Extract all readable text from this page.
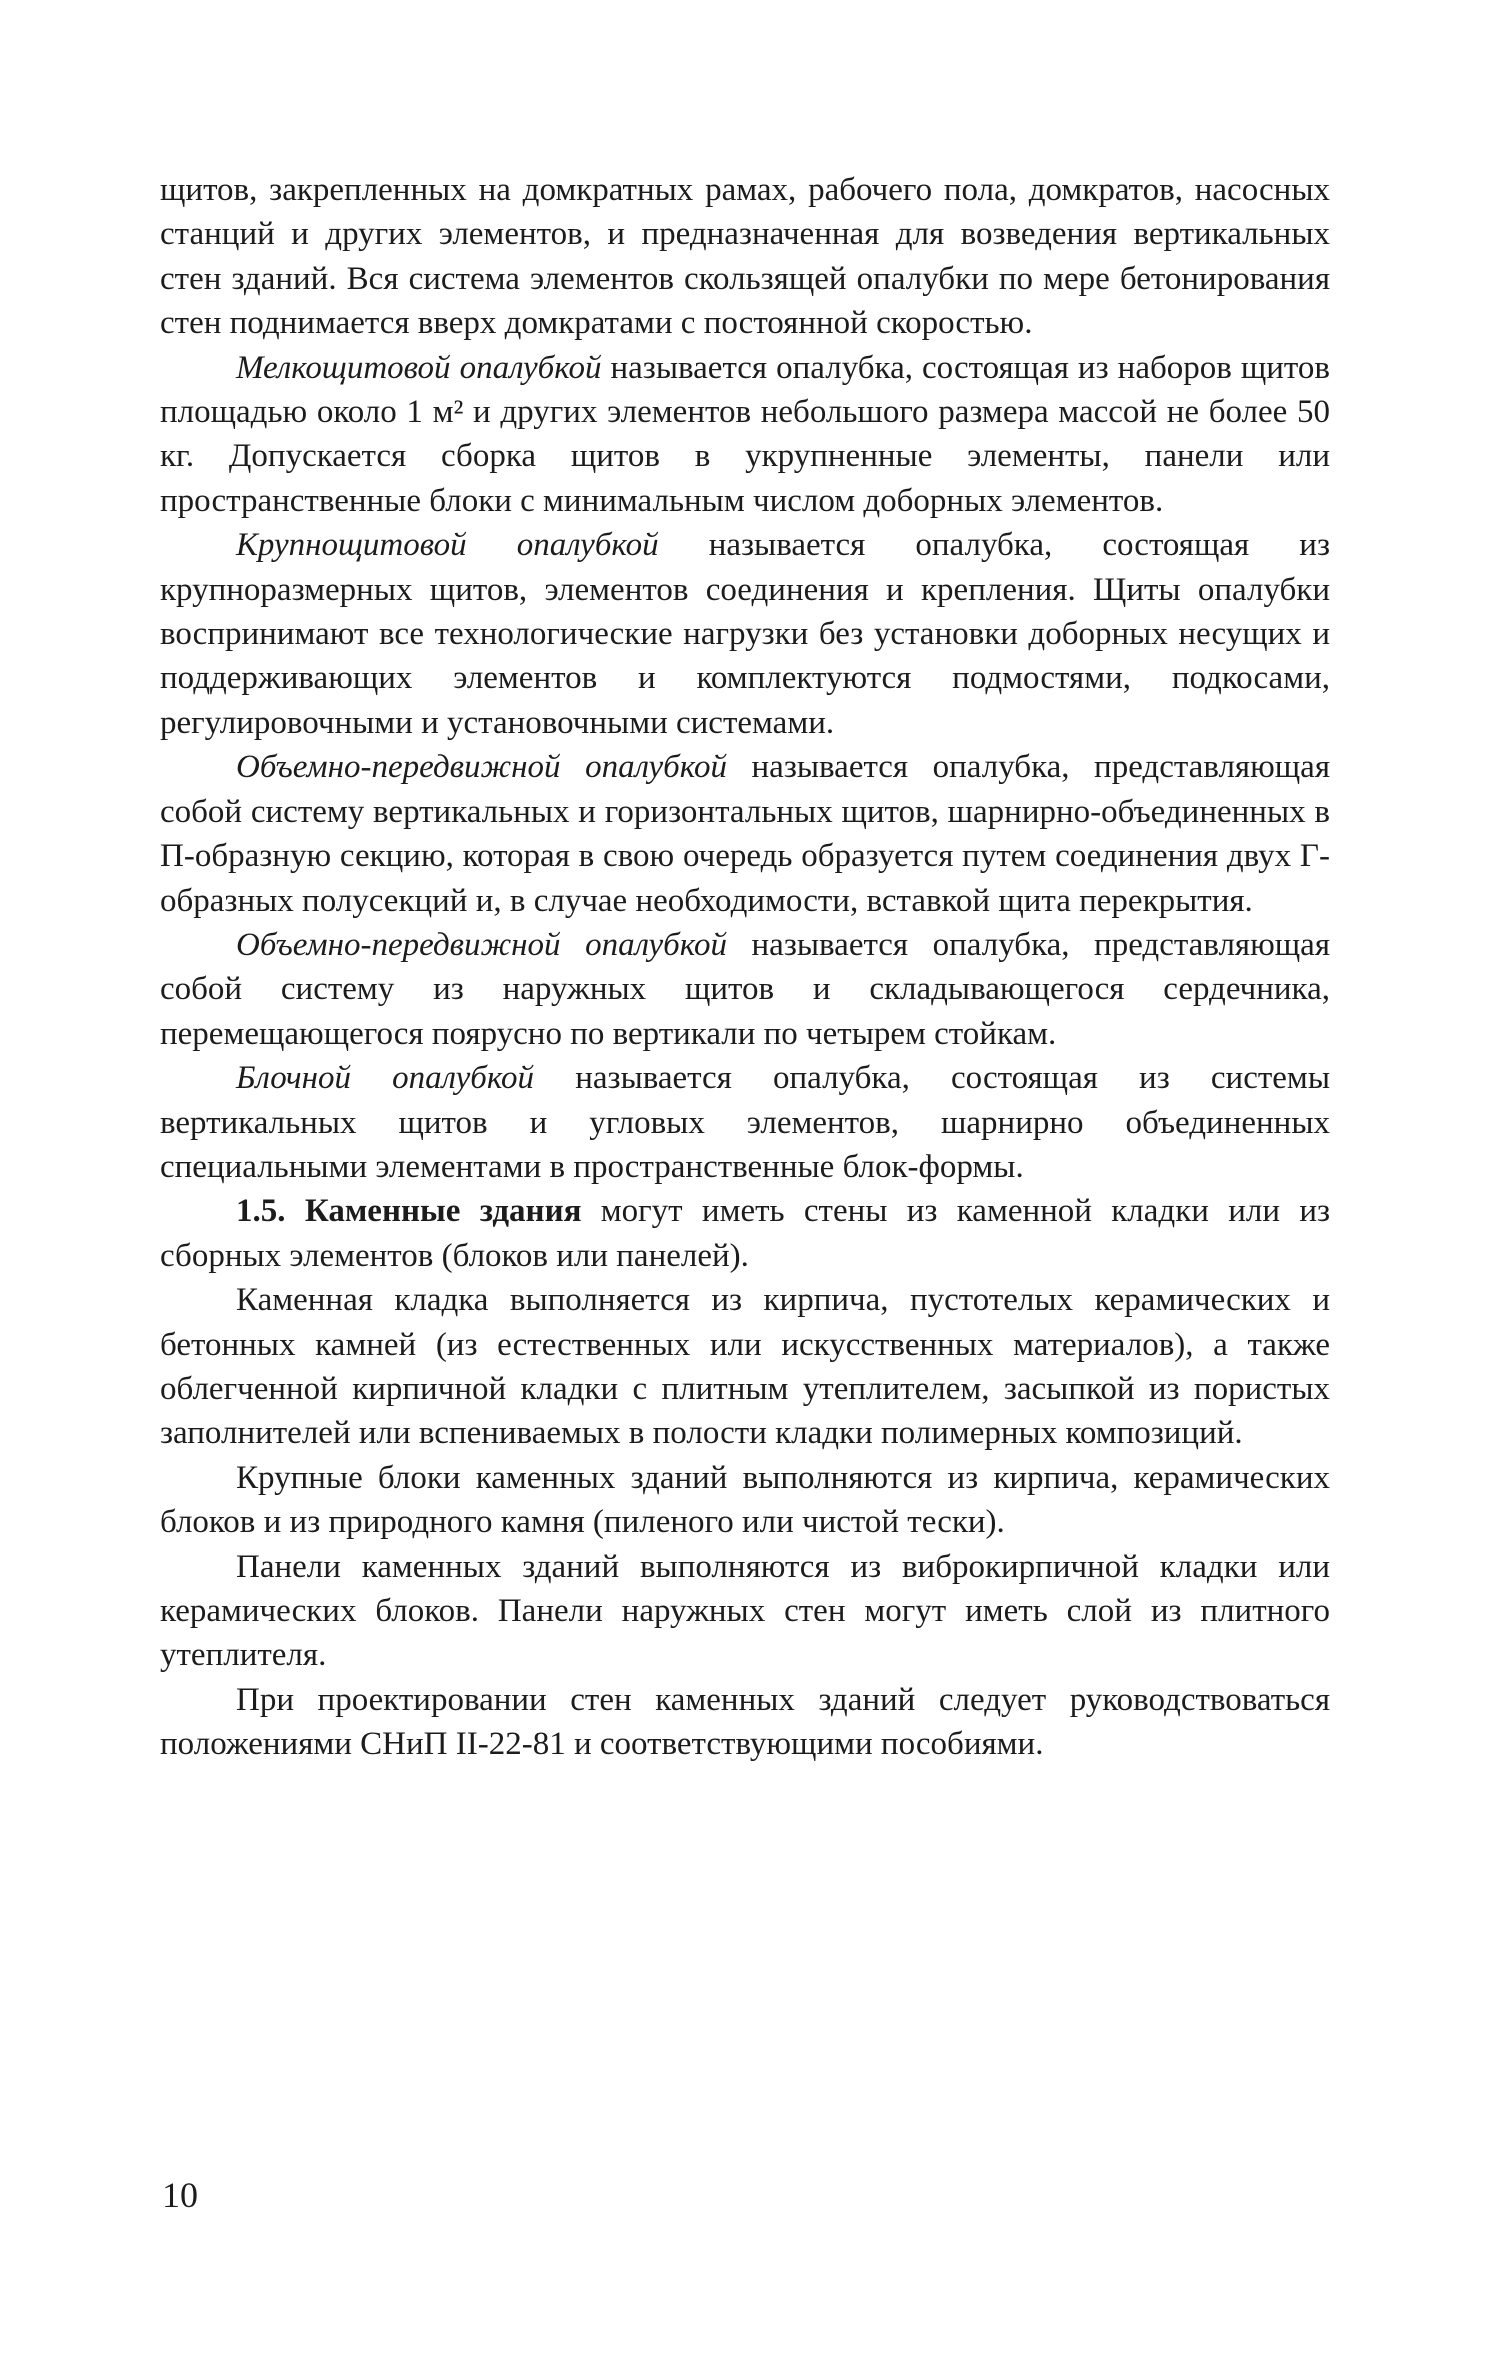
щитов, закрепленных на домкратных рамах, рабочего пола, домкратов, насосных станций и других элементов, и предназначенная для возведения вертикальных стен зданий. Вся система элементов скользящей опалубки по мере бетонирования стен поднимается вверх домкратами с постоянной скоростью.

Мелкощитовой опалубкой называется опалубка, состоящая из наборов щитов площадью около 1 м² и других элементов небольшого размера массой не более 50 кг. Допускается сборка щитов в укрупненные элементы, панели или пространственные блоки с минимальным числом доборных элементов.

Крупнощитовой опалубкой называется опалубка, состоящая из крупноразмерных щитов, элементов соединения и крепления. Щиты опалубки воспринимают все технологические нагрузки без установки доборных несущих и поддерживающих элементов и комплектуются подмостями, подкосами, регулировочными и установочными системами.

Объемно-передвижной опалубкой называется опалубка, представляющая собой систему вертикальных и горизонтальных щитов, шарнирно-объединенных в П-образную секцию, которая в свою очередь образуется путем соединения двух Г-образных полусекций и, в случае необходимости, вставкой щита перекрытия.

Объемно-передвижной опалубкой называется опалубка, представляющая собой систему из наружных щитов и складывающегося сердечника, перемещающегося поярусно по вертикали по четырем стойкам.

Блочной опалубкой называется опалубка, состоящая из системы вертикальных щитов и угловых элементов, шарнирно объединенных специальными элементами в пространственные блок-формы.

1.5. Каменные здания могут иметь стены из каменной кладки или из сборных элементов (блоков или панелей).

Каменная кладка выполняется из кирпича, пустотелых керамических и бетонных камней (из естественных или искусственных материалов), а также облегченной кирпичной кладки с плитным утеплителем, засыпкой из пористых заполнителей или вспениваемых в полости кладки полимерных композиций.

Крупные блоки каменных зданий выполняются из кирпича, керамических блоков и из природного камня (пиленого или чистой тески).

Панели каменных зданий выполняются из виброкирпичной кладки или керамических блоков. Панели наружных стен могут иметь слой из плитного утеплителя.

При проектировании стен каменных зданий следует руководствоваться положениями СНиП II-22-81 и соответствующими пособиями.

10
